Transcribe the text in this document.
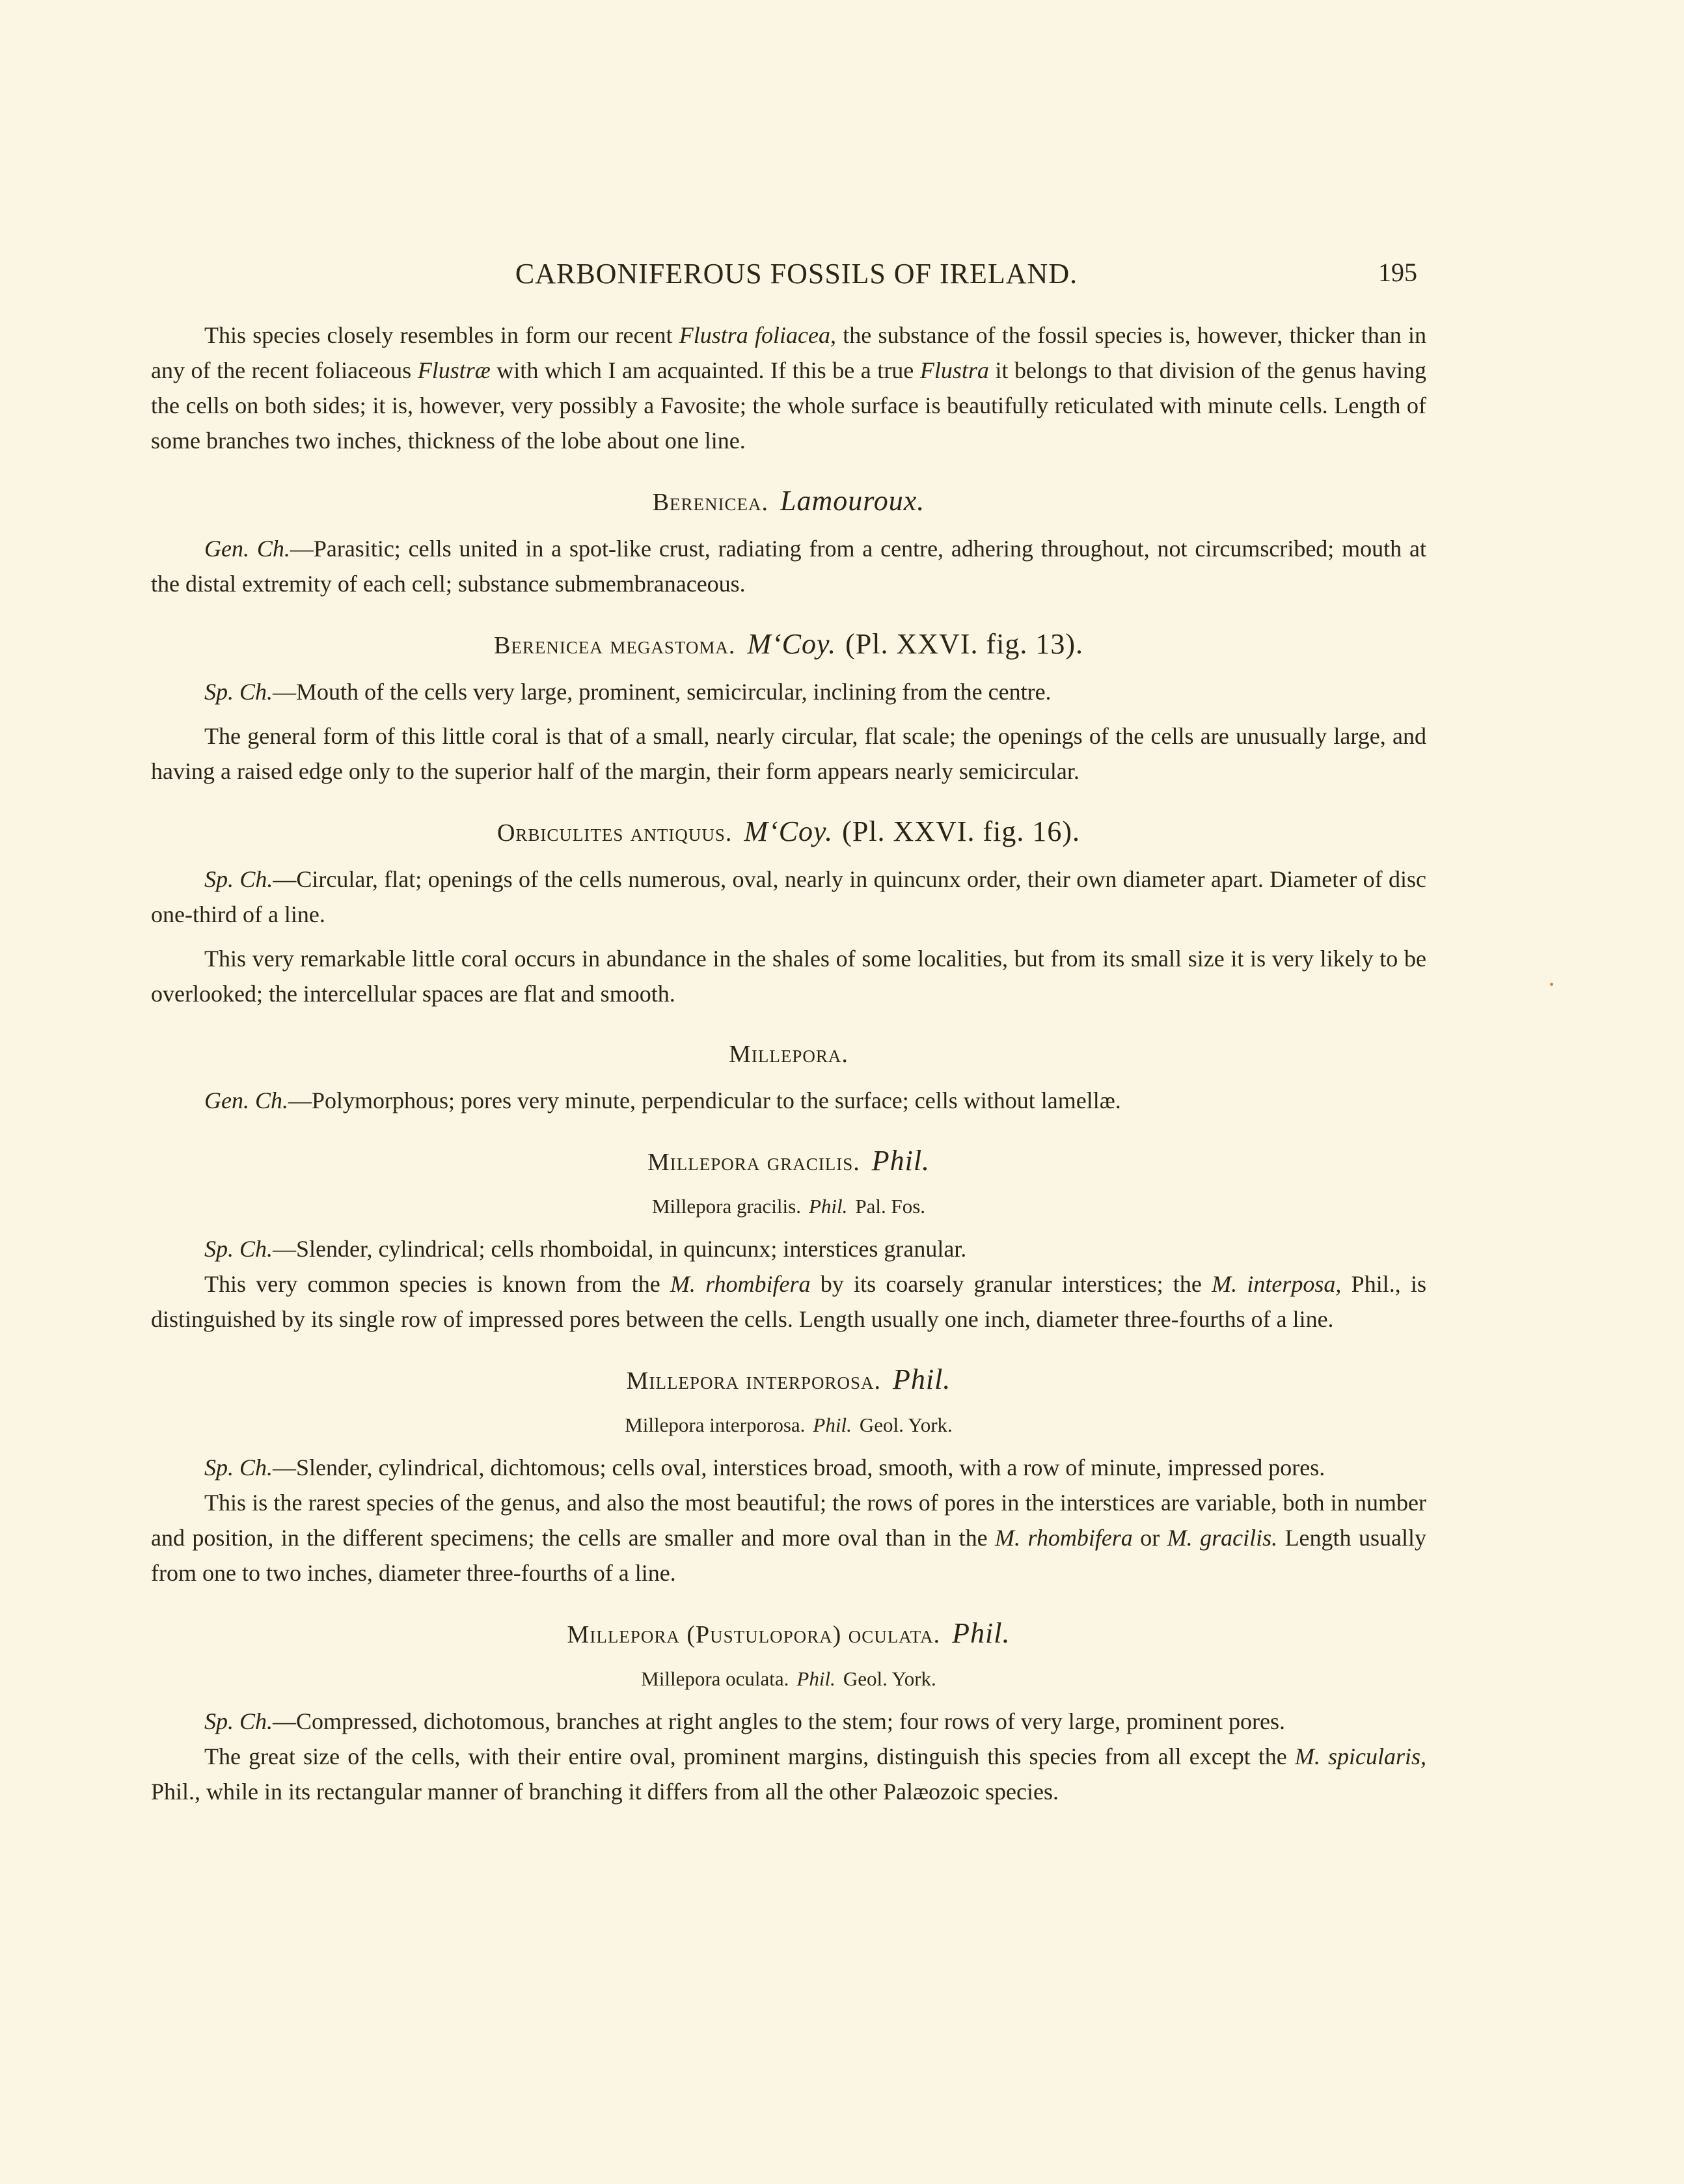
CARBONIFEROUS FOSSILS OF IRELAND.	195

This species closely resembles in form our recent Flustra foliacea, the substance of the fossil species is, however, thicker than in any of the recent foliaceous Flustræ with which I am acquainted. If this be a true Flustra it belongs to that division of the genus having the cells on both sides; it is, however, very possibly a Favosite; the whole surface is beautifully reticulated with minute cells. Length of some branches two inches, thickness of the lobe about one line.

Berenicea. Lamouroux.

Gen. Ch.—Parasitic; cells united in a spot-like crust, radiating from a centre, adhering throughout, not circumscribed; mouth at the distal extremity of each cell; substance submembranaceous.

Berenicea megastoma. M‘Coy. (Pl. XXVI. fig. 13).

Sp. Ch.—Mouth of the cells very large, prominent, semicircular, inclining from the centre.

The general form of this little coral is that of a small, nearly circular, flat scale; the openings of the cells are unusually large, and having a raised edge only to the superior half of the margin, their form appears nearly semicircular.

Orbiculites antiquus. M‘Coy. (Pl. XXVI. fig. 16).

Sp. Ch.—Circular, flat; openings of the cells numerous, oval, nearly in quincunx order, their own diameter apart. Diameter of disc one-third of a line.

This very remarkable little coral occurs in abundance in the shales of some localities, but from its small size it is very likely to be overlooked; the intercellular spaces are flat and smooth.

Millepora.

Gen. Ch.—Polymorphous; pores very minute, perpendicular to the surface; cells without lamellæ.

Millepora gracilis. Phil.
Millepora gracilis. Phil. Pal. Fos.

Sp. Ch.—Slender, cylindrical; cells rhomboidal, in quincunx; interstices granular.

This very common species is known from the M. rhombifera by its coarsely granular interstices; the M. interposa, Phil., is distinguished by its single row of impressed pores between the cells. Length usually one inch, diameter three-fourths of a line.

Millepora interporosa. Phil.
Millepora interporosa. Phil. Geol. York.

Sp. Ch.—Slender, cylindrical, dichtomous; cells oval, interstices broad, smooth, with a row of minute, impressed pores.

This is the rarest species of the genus, and also the most beautiful; the rows of pores in the interstices are variable, both in number and position, in the different specimens; the cells are smaller and more oval than in the M. rhombifera or M. gracilis. Length usually from one to two inches, diameter three-fourths of a line.

Millepora (Pustulopora) oculata. Phil.
Millepora oculata. Phil. Geol. York.

Sp. Ch.—Compressed, dichotomous, branches at right angles to the stem; four rows of very large, prominent pores.

The great size of the cells, with their entire oval, prominent margins, distinguish this species from all except the M. spicularis, Phil., while in its rectangular manner of branching it differs from all the other Palæozoic species.
